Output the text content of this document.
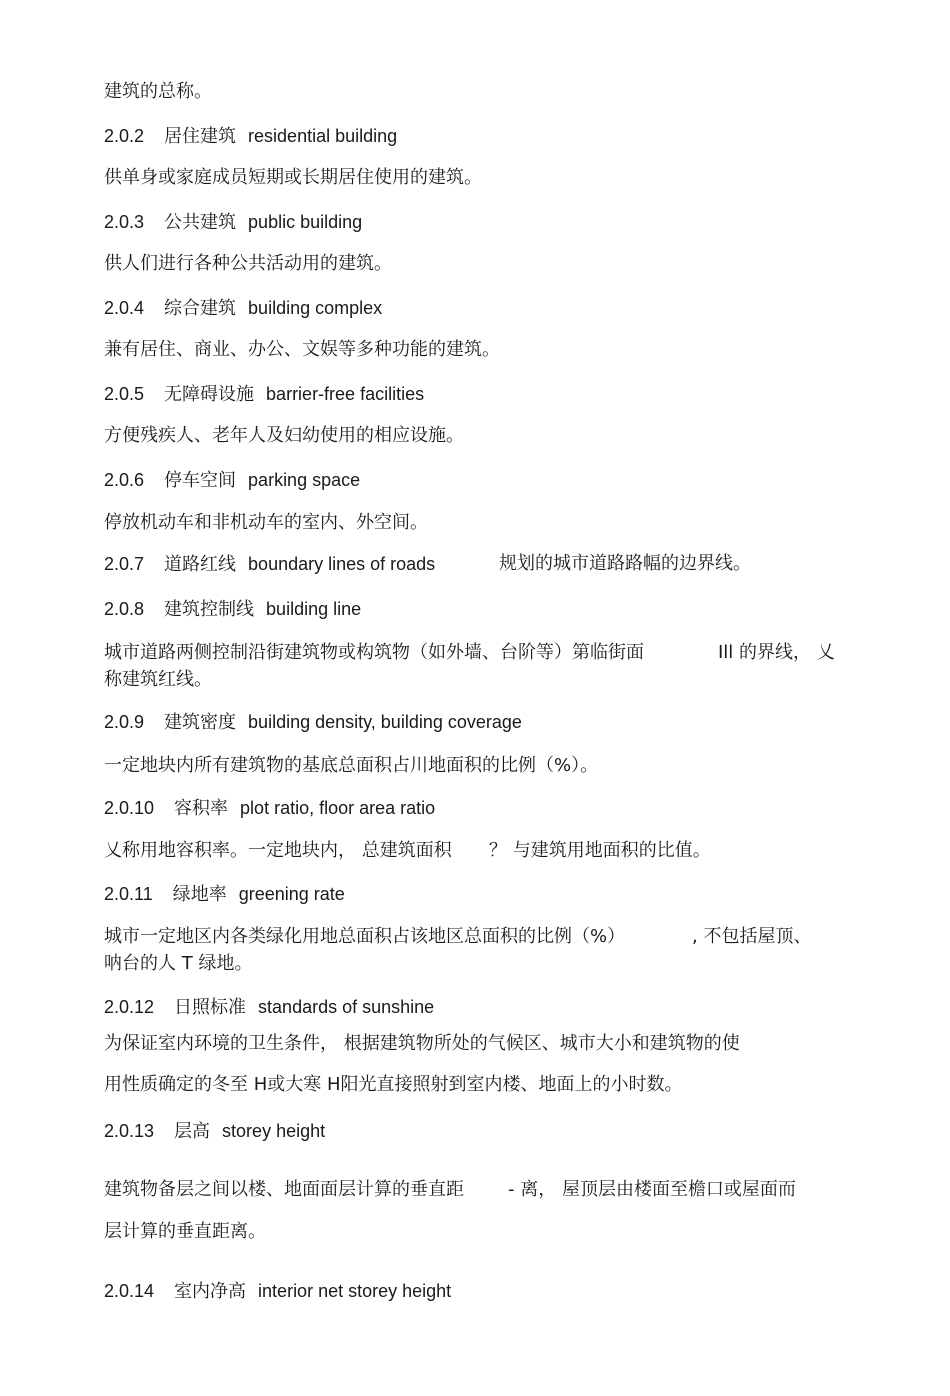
建筑的总称。
2.0.2 居住建筑 residential building
供单身或家庭成员短期或长期居住使用的建筑。
2.0.3 公共建筑 public building
供人们进行各种公共活动用的建筑。
2.0.4 综合建筑 building complex
兼有居住、商业、办公、文娱等多种功能的建筑。
2.0.5 无障碍设施 barrier-free facilities
方便残疾人、老年人及妇幼使用的相应设施。
2.0.6 停车空间 parking space
停放机动车和非机动车的室内、外空间。
2.0.7 道路红线 boundary lines of roads	规划的城市道路路幅的边界线。
2.0.8 建筑控制线 building line
城市道路两侧控制沿街建筑物或构筑物（如外墙、台阶等）第临街面	Ill 的界线， 乂
称建筑红线。
2.0.9 建筑密度 building density, building coverage
一定地块内所有建筑物的基底总面积占川地面积的比例（%）。
2.0.10 容积率 plot ratio, floor area ratio
乂称用地容积率。一定地块内， 总建筑面积 ？ 与建筑用地面积的比值。
2.0.11 绿地率 greening rate
城市一定地区内各类绿化用地总面积占该地区总面积的比例（%）	, 不包括屋顶、
呐台的人 T 绿地。
2.0.12 日照标准 standards of sunshine
为保证室内环境的卫生条件， 根据建筑物所处的气候区、城市大小和建筑物的使
用性质确定的冬至 H或大寒 H阳光直接照射到室内楼、地面上的小时数。
2.0.13 层高 storey height
建筑物备层之间以楼、地面面层计算的垂直距 - 离， 屋顶层由楼面至檐口或屋面而
层计算的垂直距离。
2.0.14 室内净高 interior net storey height
